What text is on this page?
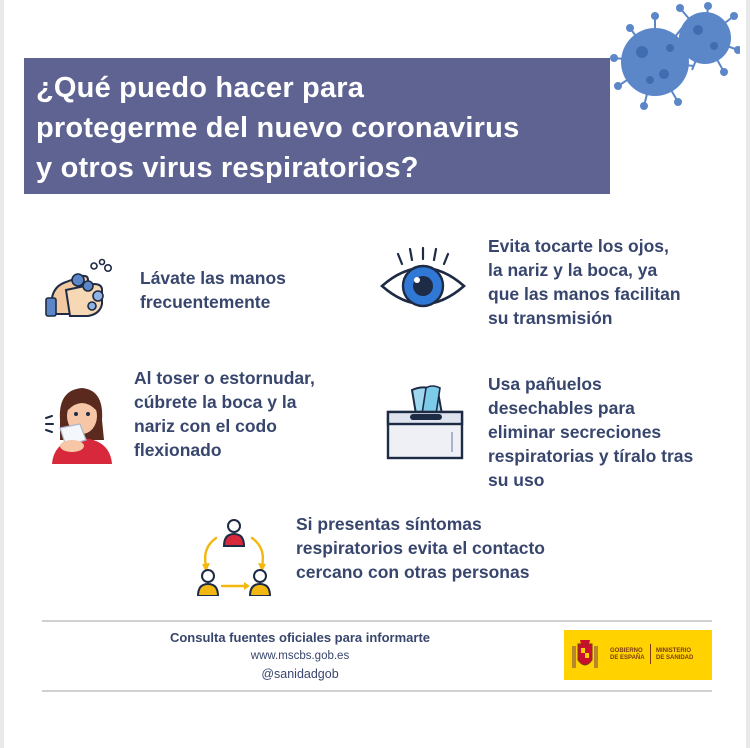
¿Qué puedo hacer para
protegerme del nuevo coronavirus
y otros virus respiratorios?
Lávate las manos
frecuentemente
Evita tocarte los ojos,
la nariz y la boca, ya
que las manos facilitan
su transmisión
Al toser o estornudar,
cúbrete la boca y la
nariz con el codo
flexionado
Usa pañuelos
desechables para
eliminar secreciones
respiratorias y tíralo tras
su uso
Si presentas síntomas
respiratorios evita el contacto
cercano con otras personas
Consulta fuentes oficiales para informarte
www.mscbs.gob.es
@sanidadgob
GOBIERNO
DE ESPAÑA
MINISTERIO
DE SANIDAD
